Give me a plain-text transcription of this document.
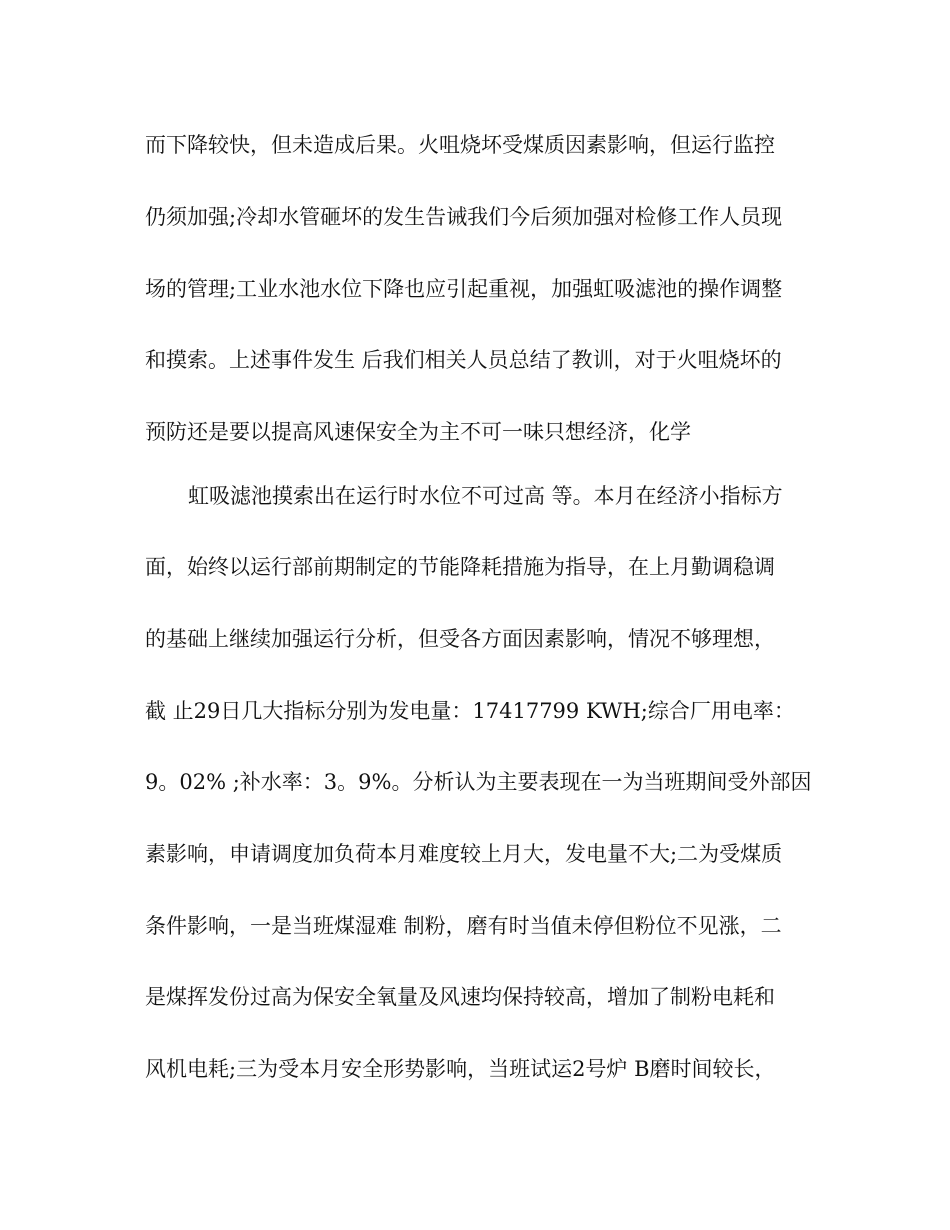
而下降较快，但未造成后果。火咀烧坏受煤质因素影响，但运行监控
仍须加强;冷却水管砸坏的发生告诫我们今后须加强对检修工作人员现
场的管理;工业水池水位下降也应引起重视，加强虹吸滤池的操作调整
和摸索。上述事件发生 后我们相关人员总结了教训，对于火咀烧坏的
预防还是要以提高风速保安全为主不可一味只想经济，化学
虹吸滤池摸索出在运行时水位不可过高 等。本月在经济小指标方
面，始终以运行部前期制定的节能降耗措施为指导，在上月勤调稳调
的基础上继续加强运行分析，但受各方面因素影响，情况不够理想，
截 止29日几大指标分别为发电量：17417799 KWH;综合厂用电率：
9。02% ;补水率：3。9%。分析认为主要表现在一为当班期间受外部因
素影响，申请调度加负荷本月难度较上月大，发电量不大;二为受煤质
条件影响，一是当班煤湿难 制粉，磨有时当值未停但粉位不见涨，二
是煤挥发份过高为保安全氧量及风速均保持较高，增加了制粉电耗和
风机电耗;三为受本月安全形势影响，当班试运2号炉 B磨时间较长，
